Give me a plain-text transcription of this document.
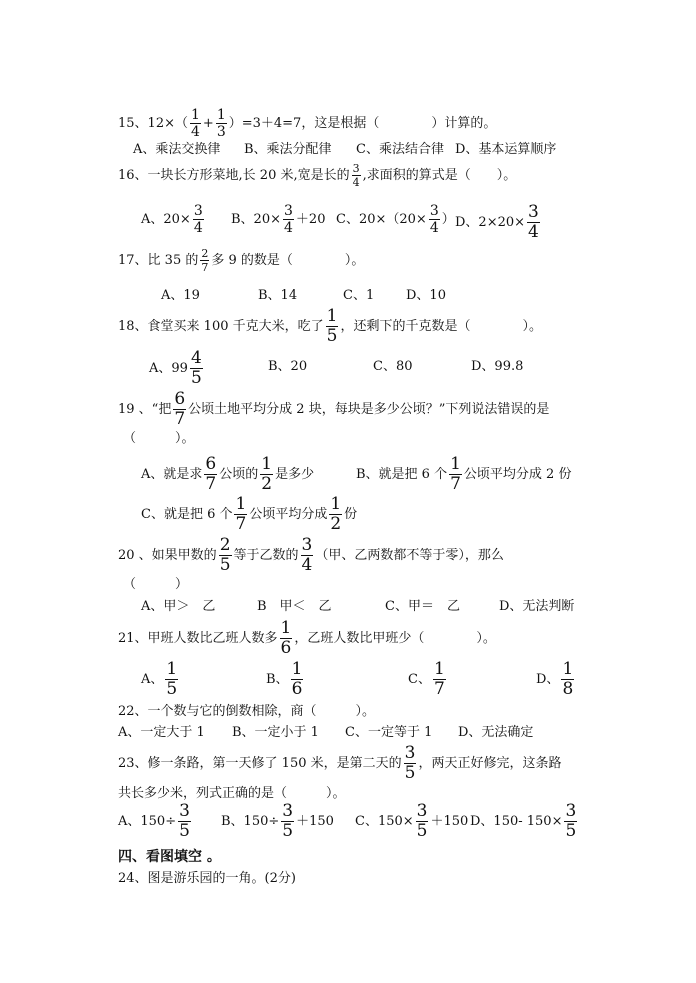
15、$12\times( \frac{1}{4} + \frac{1}{3} )=3+4=7$，这是根据（　　　　）计算的。
A、乘法交换律 B、乘法分配律 C、乘法结合律 D、基本运算顺序
16、一块长方形菜地,长 20 米,宽是长的 $\frac{3}{4}$ ,求面积的算式是（　　）。
A、$20\times \frac{3}{4}$ B、$20\times \frac{3}{4} +20$ C、$20\times(20\times \frac{3}{4}$ ） D、$2\times 20\times \frac{3}{4}$
17、比 35 的 $\frac{2}{7}$ 多 9 的数是（　　　　）。
A、19	B、14	C、1 D、10
18、食堂买来 100 千克大米，吃了 $\frac{1}{5}$ ，还剩下的千克数是（　　　　）。
A、$99 \frac{4}{5}$	B、20	C、80	D、99.8
19 、“把 $\frac{6}{7}$ 公顷土地平均分成 2 块，每块是多少公顷？”下列说法错误的是
（　　　）。
A、就是求 $\frac{6}{7}$ 公顷的 $\frac{1}{2}$ 是多少	B、就是把 6 个 $\frac{1}{7}$ 公顷平均分成 2 份
C、就是把 6 个 $\frac{1}{7}$ 公顷平均分成 $\frac{1}{2}$ 份
20 、如果甲数的 $\frac{2}{5}$ 等于乙数的 $\frac{3}{4}$ （甲、乙两数都不等于零），那么
（　　　）
A、甲＞　乙	B　甲＜　乙	C、甲＝　乙	D、无法判断
21、甲班人数比乙班人数多 $\frac{1}{6}$ ，乙班人数比甲班少（　　　　）。
A、 $\frac{1}{5}$	B、 $\frac{1}{6}$	C、 $\frac{1}{7}$	D、 $\frac{1}{8}$
22、一个数与它的倒数相除，商（　　　）。
A、一定大于 1 B、一定小于 1 C、一定等于 1 D、无法确定
23、修一条路，第一天修了 150 米，是第二天的 $\frac{3}{5}$ ，两天正好修完，这条路
共长多少米，列式正确的是（　　　）。
A、$150\div \frac{3}{5}$ B、$150\div \frac{3}{5} +150$ C、$150\times \frac{3}{5} +150$ D、150- $150\times \frac{3}{5}$
四、看图填空 。
24、图是游乐园的一角。(2分)
